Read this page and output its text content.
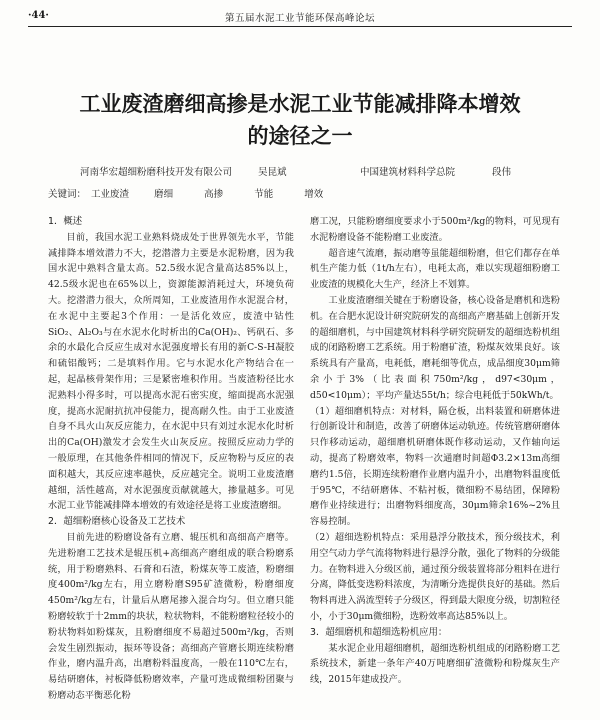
·44·	第五届水泥工业节能环保高峰论坛
工业废渣磨细高掺是水泥工业节能减排降本增效
的途径之一
河南华宏超细粉磨科技开发有限公司	吴昆斌	中国建筑材料科学总院	段伟
关键词： 工业废渣	磨细	高掺	节能	增效

1．概述

目前，我国水泥工业熟料烧成处于世界领先水平，节能减排降本增效潜力不大，挖潜潜力主要是水泥粉磨，因为我国水泥中熟料含量太高。52.5级水泥含量高达85%以上，42.5级水泥也在65%以上，资源能源消耗过大，环境负荷大。挖潜潜力很大，众所周知，工业废渣用作水泥混合材，在水泥中主要起3个作用：一是活化效应，废渣中钴性SiO₂、Al₂O₃与在水泥水化时析出的Ca(OH)₂、钙矾石、多余的水最化合反应生成对水泥强度增长有用的新C-S-H凝胶和硫铝酸钙；二是填料作用。它与水泥水化产物结合在一起，起晶核骨架作用；三是紧密堆积作用。当废渣粉径比水泥熟料小得多时，可以提高水泥石密实度，缩面提高水泥强度，提高水泥耐抗抗冲侵能力，提高耐久性。由于工业废渣自身不具火山灰反应能力，在水泥中只有刘过水泥水化时析出的Ca(OH)激发才会发生火山灰反应。按照反应动力学的一般原理，在其他条件相同的情况下，反应物粉与反应的表面积越大，其反应速率越快，反应越完全。说明工业废渣磨越细，活性越高，对水泥强度贡献就越大，掺量越多。可见水泥工业节能减排降本增效的有效途径是将工业废渣磨细。

2．超细粉磨核心设备及工艺技术

目前先进的粉磨设备有立磨、辊压机和高细高产磨等。先进粉磨工艺技术是辊压机+高细高产磨组成的联合粉磨系统，用于粉磨熟料、石膏和石渣，粉煤灰等工废渣，粉磨细度400m²/kg左右，用立磨粉磨S95矿渣微粉，粉磨细度450m²/kg左右，计量后从磨尾掺入混合均匀。但立磨只能粉磨较软于十2mm的块状，粒状物料，不能粉磨粒径较小的粉状物料如粉煤灰，且粉磨细度不易超过500m²/kg，否则会发生剧烈振动，振环等设备；高细高产管磨长期连续粉磨作业，磨内温升高，出磨粉料温度高，一般在110℃左右，易结研磨体，衬板降低粉磨效率，产量可选成微细粉团聚与粉磨动态平衡恶化粉

磨工况，只能粉磨细度要求小于500m²/kg的物料，可见现有水泥粉磨设备不能粉磨工业废渣。

超音速气流磨，振动磨等虽能超细粉磨，但它们都存在单机生产能力低（1t/h左右），电耗太高，难以实现超细粉磨工业废渣的规模化大生产，经济上不划算。

工业废渣磨细关键在于粉磨设备，核心设备是磨机和选粉机。在合肥水泥设计研究院研发的高细高产磨基础上创新开发的超细磨机，与中国建筑材料科学研究院研发的超细选粉机组成的闭路粉磨工艺系统。用于粉磨矿渣，粉煤灰效果良好。该系统具有产量高，电耗低，磨耗细等优点，成品细度30μm筛余小于3%（比表面积750m²/kg，d97<30μm，d50<10μm）；平均产量达55t/h；综合电耗低于50kWh/t。

（1）超细磨机特点：对材料，隔仓板，出料装置和研磨体进行创新设计和制造，改善了研磨体运动轨迹。传统管磨研磨体只作移动运动，超细磨机研磨体既作移动运动，又作轴向运动，提高了粉磨效率，物料一次通磨时间超Φ3.2×13m高细磨约1.5倍，长期连续粉磨作业磨内温升小，出磨物料温度低于95℃，不结研磨体、不粘衬板，微细粉不易结团，保障粉磨作业持续进行；出磨物料细度高，30μm筛余16%~2%且容易控制。

（2）超细选粉机特点：采用悬浮分散技术，预分级技术，利用空气动力学气流将物料进行悬浮分散，强化了物料的分级能力。在物料进入分级区前，通过预分级装置将部分粗料在进行分离，降低变选粉料浓度，为清晰分选提供良好的基础。然后物料再进入涡流型转子分级区，得到最大限度分级，切割粒径小，小于30μm微细粉，选粉效率高达85%以上。

3．超细磨机和超细选粉机应用：

某水泥企业用超细磨机，超细选粉机组成的闭路粉磨工艺系统技术，新建一条年产40万吨磨细矿渣微粉和粉煤灰生产线，2015年建成投产。
